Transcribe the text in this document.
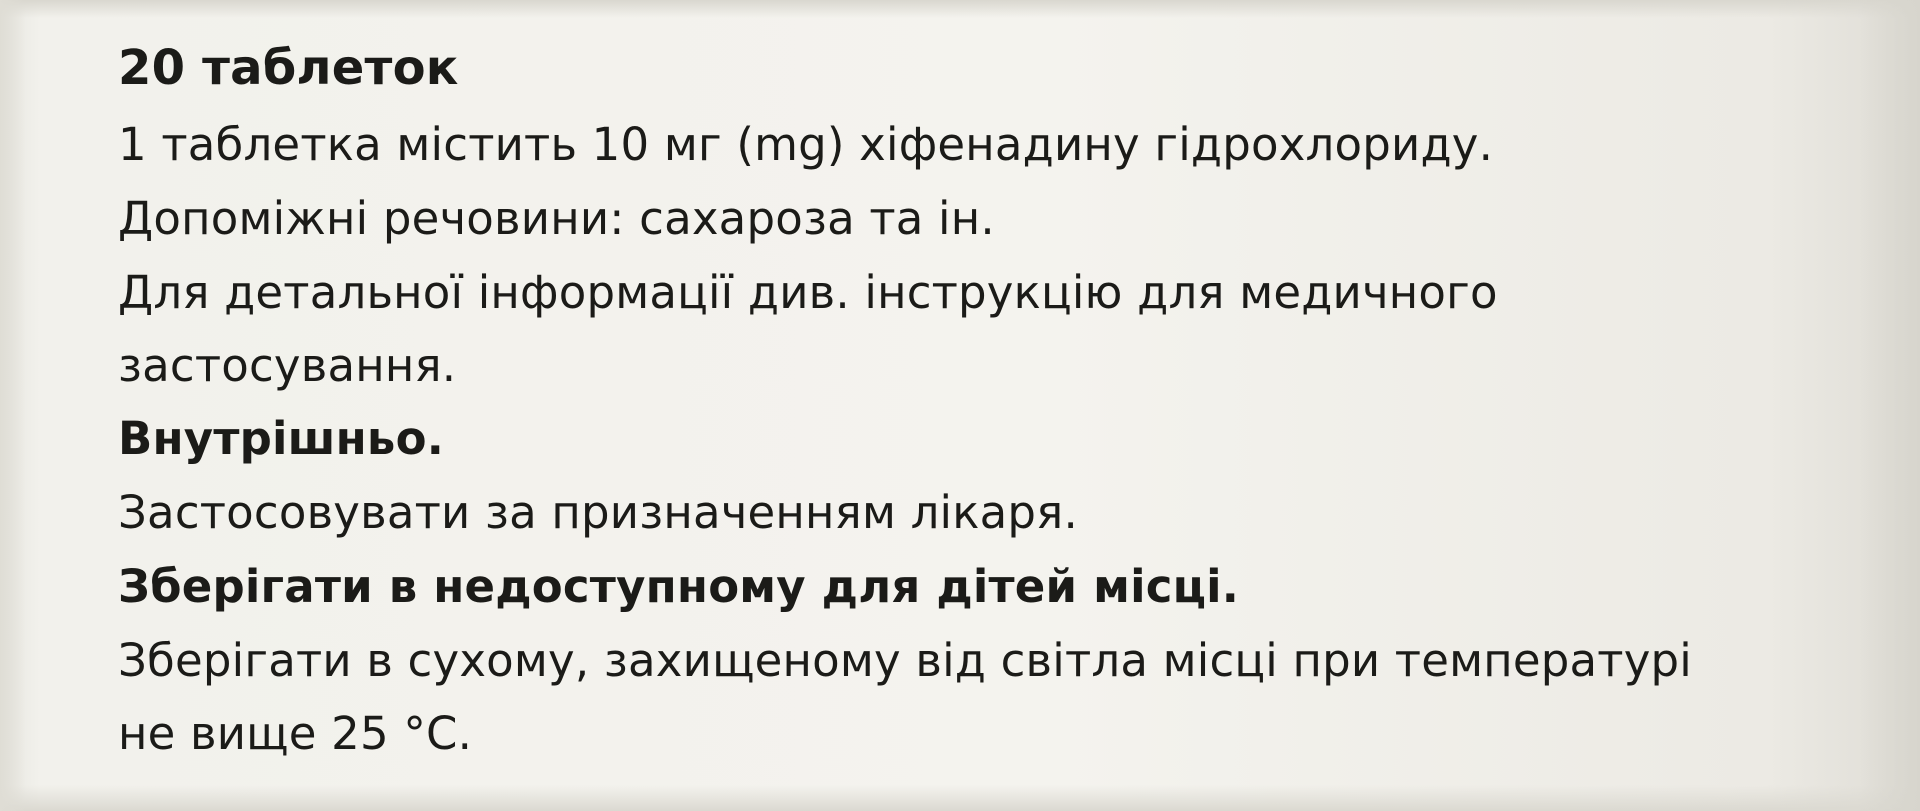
20 таблеток
1 таблетка містить 10 мг (mg) хіфенадину гідрохлориду.
Допоміжні речовини: сахароза та ін.
Для детальної інформації див. інструкцію для медичного
застосування.
Внутрішньо.
Застосовувати за призначенням лікаря.
Зберігати в недоступному для дітей місці.
Зберігати в сухому, захищеному від світла місці при температурі
не вище 25 °C.
